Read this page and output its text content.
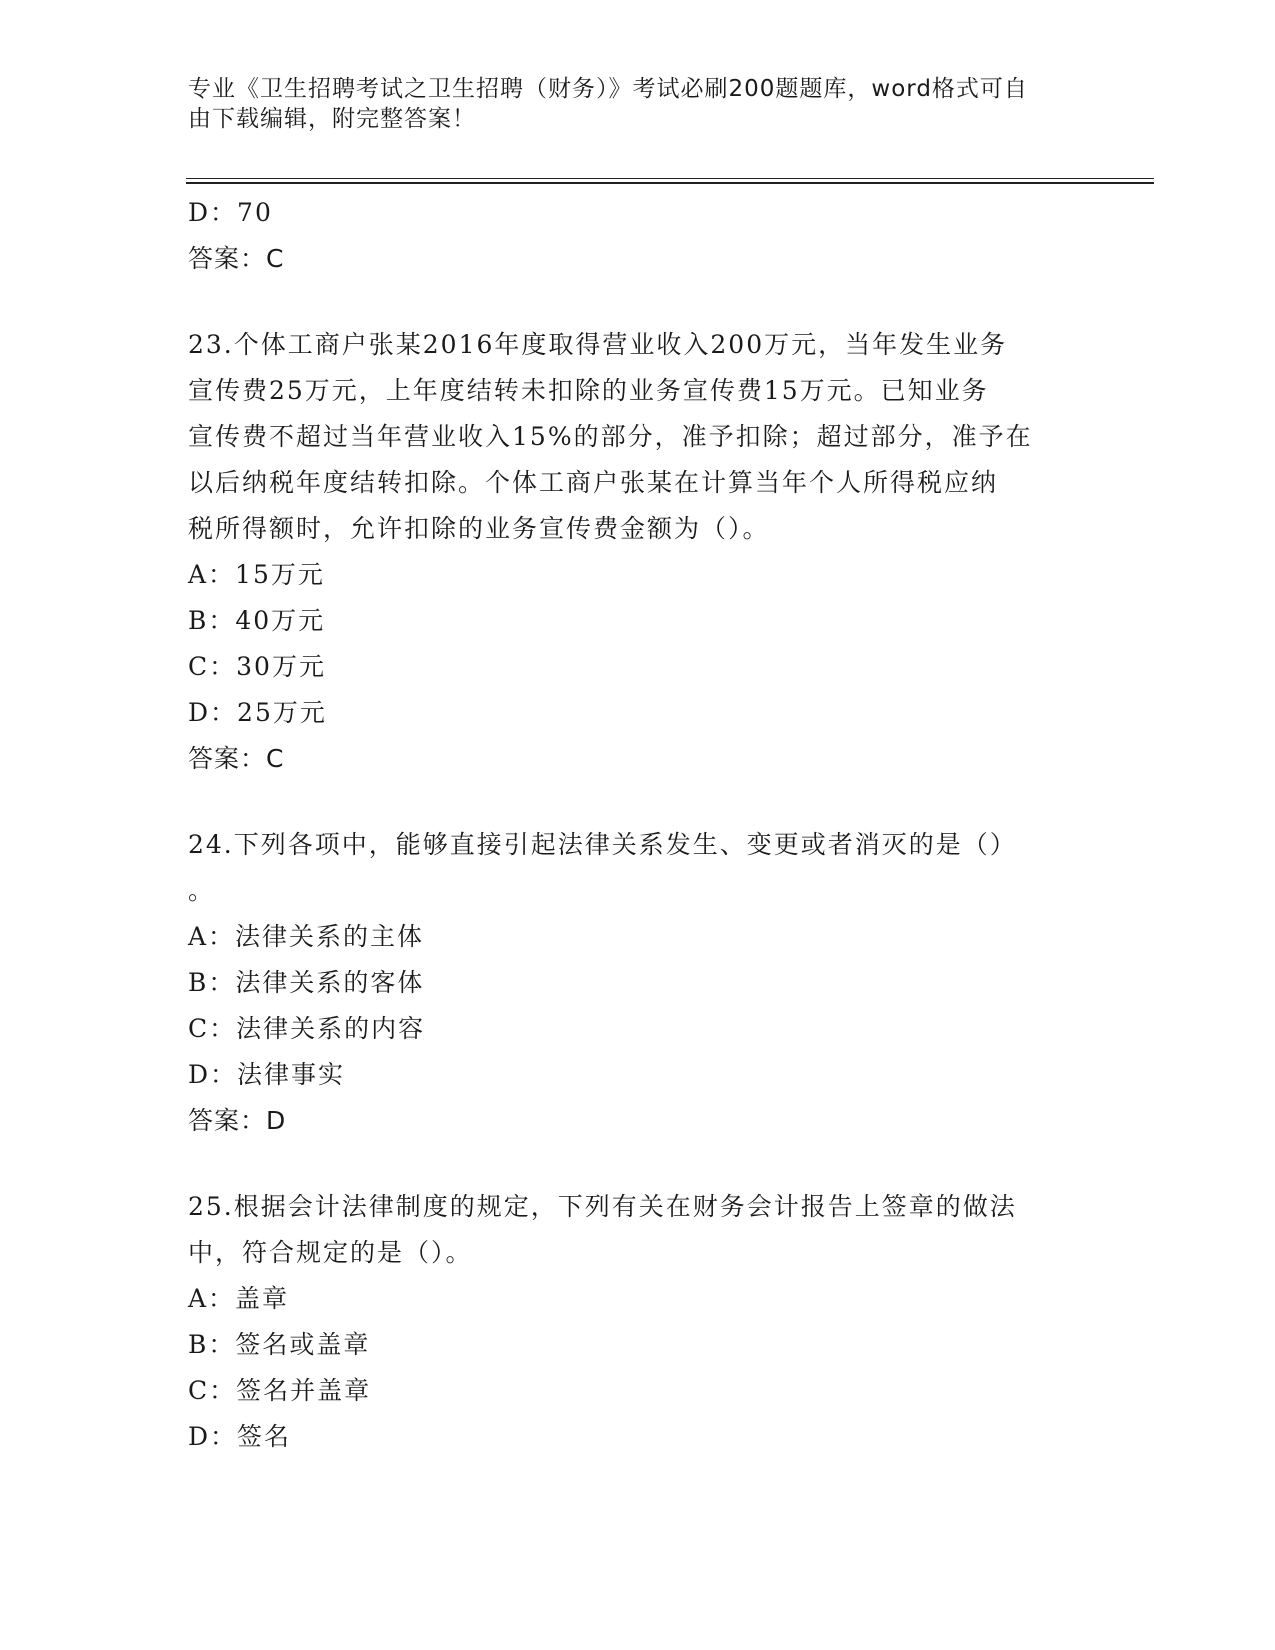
专业《卫生招聘考试之卫生招聘（财务）》考试必刷200题题库，word格式可自
由下载编辑，附完整答案！
D：70
答案：C
23.个体工商户张某2016年度取得营业收入200万元，当年发生业务
宣传费25万元，上年度结转未扣除的业务宣传费15万元。已知业务
宣传费不超过当年营业收入15%的部分，准予扣除；超过部分，准予在
以后纳税年度结转扣除。个体工商户张某在计算当年个人所得税应纳
税所得额时，允许扣除的业务宣传费金额为（）。
A：15万元
B：40万元
C：30万元
D：25万元
答案：C
24.下列各项中，能够直接引起法律关系发生、变更或者消灭的是（）
。
A：法律关系的主体
B：法律关系的客体
C：法律关系的内容
D：法律事实
答案：D
25.根据会计法律制度的规定，下列有关在财务会计报告上签章的做法
中，符合规定的是（）。
A：盖章
B：签名或盖章
C：签名并盖章
D：签名
